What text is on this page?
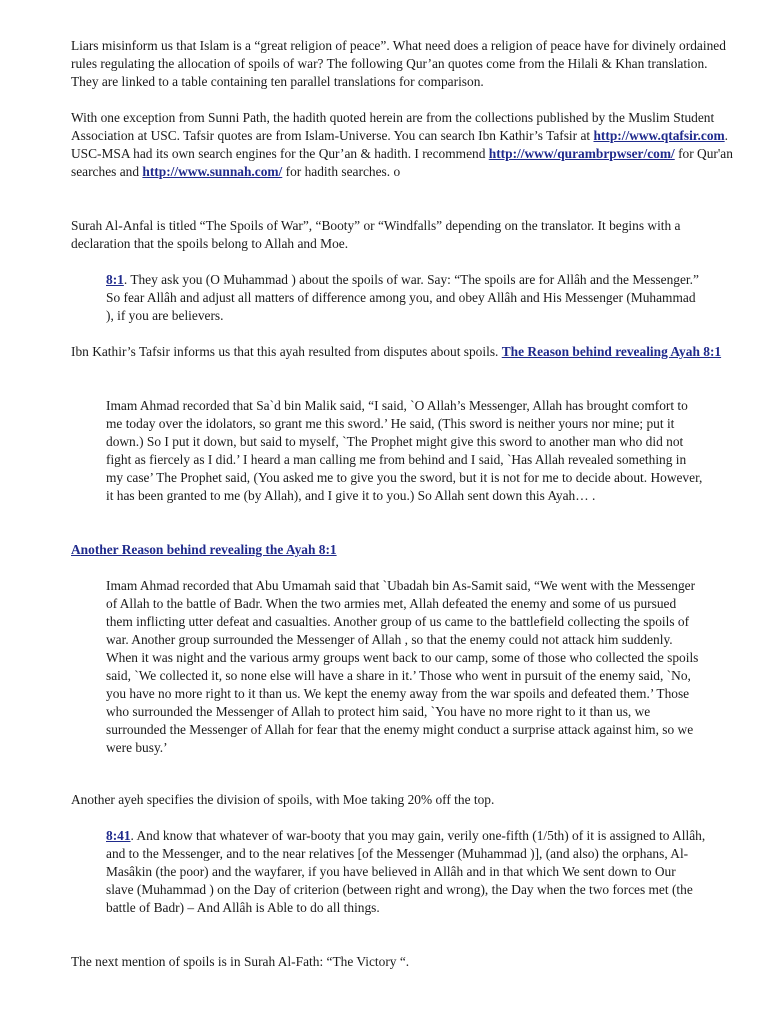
Liars misinform us that Islam is a “great religion of peace”. What need does a religion of peace have for divinely ordained rules regulating the allocation of spoils of war? The following Qur’an quotes come from the Hilali & Khan translation. They are linked to a table containing ten parallel translations for comparison.

With one exception from Sunni Path, the hadith quoted herein are from the collections published by the Muslim Student Association at USC. Tafsir quotes are from Islam-Universe. You can search Ibn Kathir’s Tafsir at http://www.qtafsir.com. USC-MSA had its own search engines for the Qur’an & hadith. I recommend http://www/qurambrpwser/com/ for Qur'an searches and http://www.sunnah.com/ for hadith searches. o

Surah Al-Anfal is titled “The Spoils of War”, “Booty” or “Windfalls” depending on the translator. It begins with a declaration that the spoils belong to Allah and Moe.

8:1. They ask you (O Muhammad ) about the spoils of war. Say: “The spoils are for Allâh and the Messenger.” So fear Allâh and adjust all matters of difference among you, and obey Allâh and His Messenger (Muhammad ), if you are believers.

Ibn Kathir’s Tafsir informs us that this ayah resulted from disputes about spoils. The Reason behind revealing Ayah 8:1

Imam Ahmad recorded that Sa`d bin Malik said, “I said, `O Allah’s Messenger, Allah has brought comfort to me today over the idolators, so grant me this sword.’ He said, (This sword is neither yours nor mine; put it down.) So I put it down, but said to myself, `The Prophet might give this sword to another man who did not fight as fiercely as I did.’ I heard a man calling me from behind and I said, `Has Allah revealed something in my case’ The Prophet said, (You asked me to give you the sword, but it is not for me to decide about. However, it has been granted to me (by Allah), and I give it to you.) So Allah sent down this Ayah… .

Another Reason behind revealing the Ayah 8:1

Imam Ahmad recorded that Abu Umamah said that `Ubadah bin As-Samit said, “We went with the Messenger of Allah to the battle of Badr. When the two armies met, Allah defeated the enemy and some of us pursued them inflicting utter defeat and casualties. Another group of us came to the battlefield collecting the spoils of war. Another group surrounded the Messenger of Allah , so that the enemy could not attack him suddenly. When it was night and the various army groups went back to our camp, some of those who collected the spoils said, `We collected it, so none else will have a share in it.’ Those who went in pursuit of the enemy said, `No, you have no more right to it than us. We kept the enemy away from the war spoils and defeated them.’ Those who surrounded the Messenger of Allah to protect him said, `You have no more right to it than us, we surrounded the Messenger of Allah for fear that the enemy might conduct a surprise attack against him, so we were busy.’

Another ayeh specifies the division of spoils, with Moe taking 20% off the top.

8:41. And know that whatever of war-booty that you may gain, verily one-fifth (1/5th) of it is assigned to Allâh, and to the Messenger, and to the near relatives [of the Messenger (Muhammad )], (and also) the orphans, Al-Masâkin (the poor) and the wayfarer, if you have believed in Allâh and in that which We sent down to Our slave (Muhammad ) on the Day of criterion (between right and wrong), the Day when the two forces met (the battle of Badr) – And Allâh is Able to do all things.

The next mention of spoils is in Surah Al-Fath: “The Victory “.
